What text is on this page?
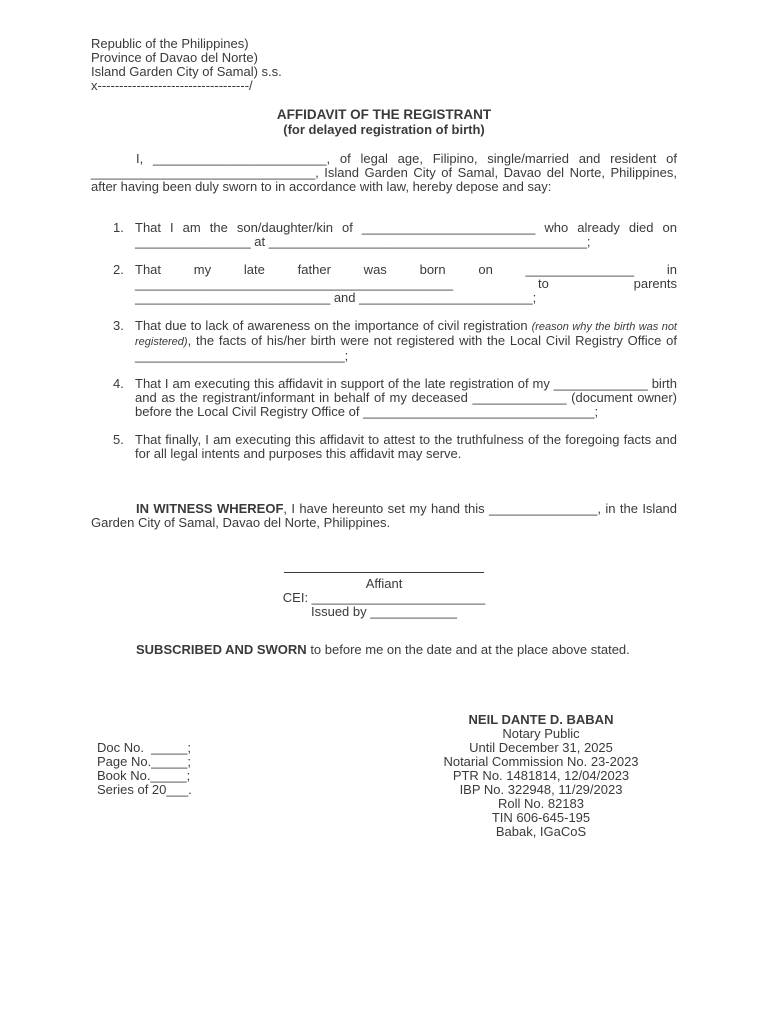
Republic of the Philippines)
Province of Davao del Norte)
Island Garden City of Samal) s.s.
x-----------------------------------/
AFFIDAVIT OF THE REGISTRANT
(for delayed registration of birth)
I, ________________________, of legal age, Filipino, single/married and resident of _______________________________, Island Garden City of Samal, Davao del Norte, Philippines, after having been duly sworn to in accordance with law, hereby depose and say:
1. That I am the son/daughter/kin of ________________________ who already died on ________________ at ____________________________________________;
2. That my late father was born on _______________ in ____________________________________________ to parents ___________________________ and ________________________;
3. That due to lack of awareness on the importance of civil registration (reason why the birth was not registered), the facts of his/her birth were not registered with the Local Civil Registry Office of _____________________________;
4. That I am executing this affidavit in support of the late registration of my _____________ birth and as the registrant/informant in behalf of my deceased _____________ (document owner) before the Local Civil Registry Office of ________________________________;
5. That finally, I am executing this affidavit to attest to the truthfulness of the foregoing facts and for all legal intents and purposes this affidavit may serve.
IN WITNESS WHEREOF, I have hereunto set my hand this _______________, in the Island Garden City of Samal, Davao del Norte, Philippines.
Affiant
CEI: ________________________
Issued by ____________
SUBSCRIBED AND SWORN to before me on the date and at the place above stated.
Doc No.  _____;
Page No._____;
Book No._____;
Series of 20___.
NEIL DANTE D. BABAN
Notary Public
Until December 31, 2025
Notarial Commission No. 23-2023
PTR No. 1481814, 12/04/2023
IBP No. 322948, 11/29/2023
Roll No. 82183
TIN 606-645-195
Babak, IGaCoS
